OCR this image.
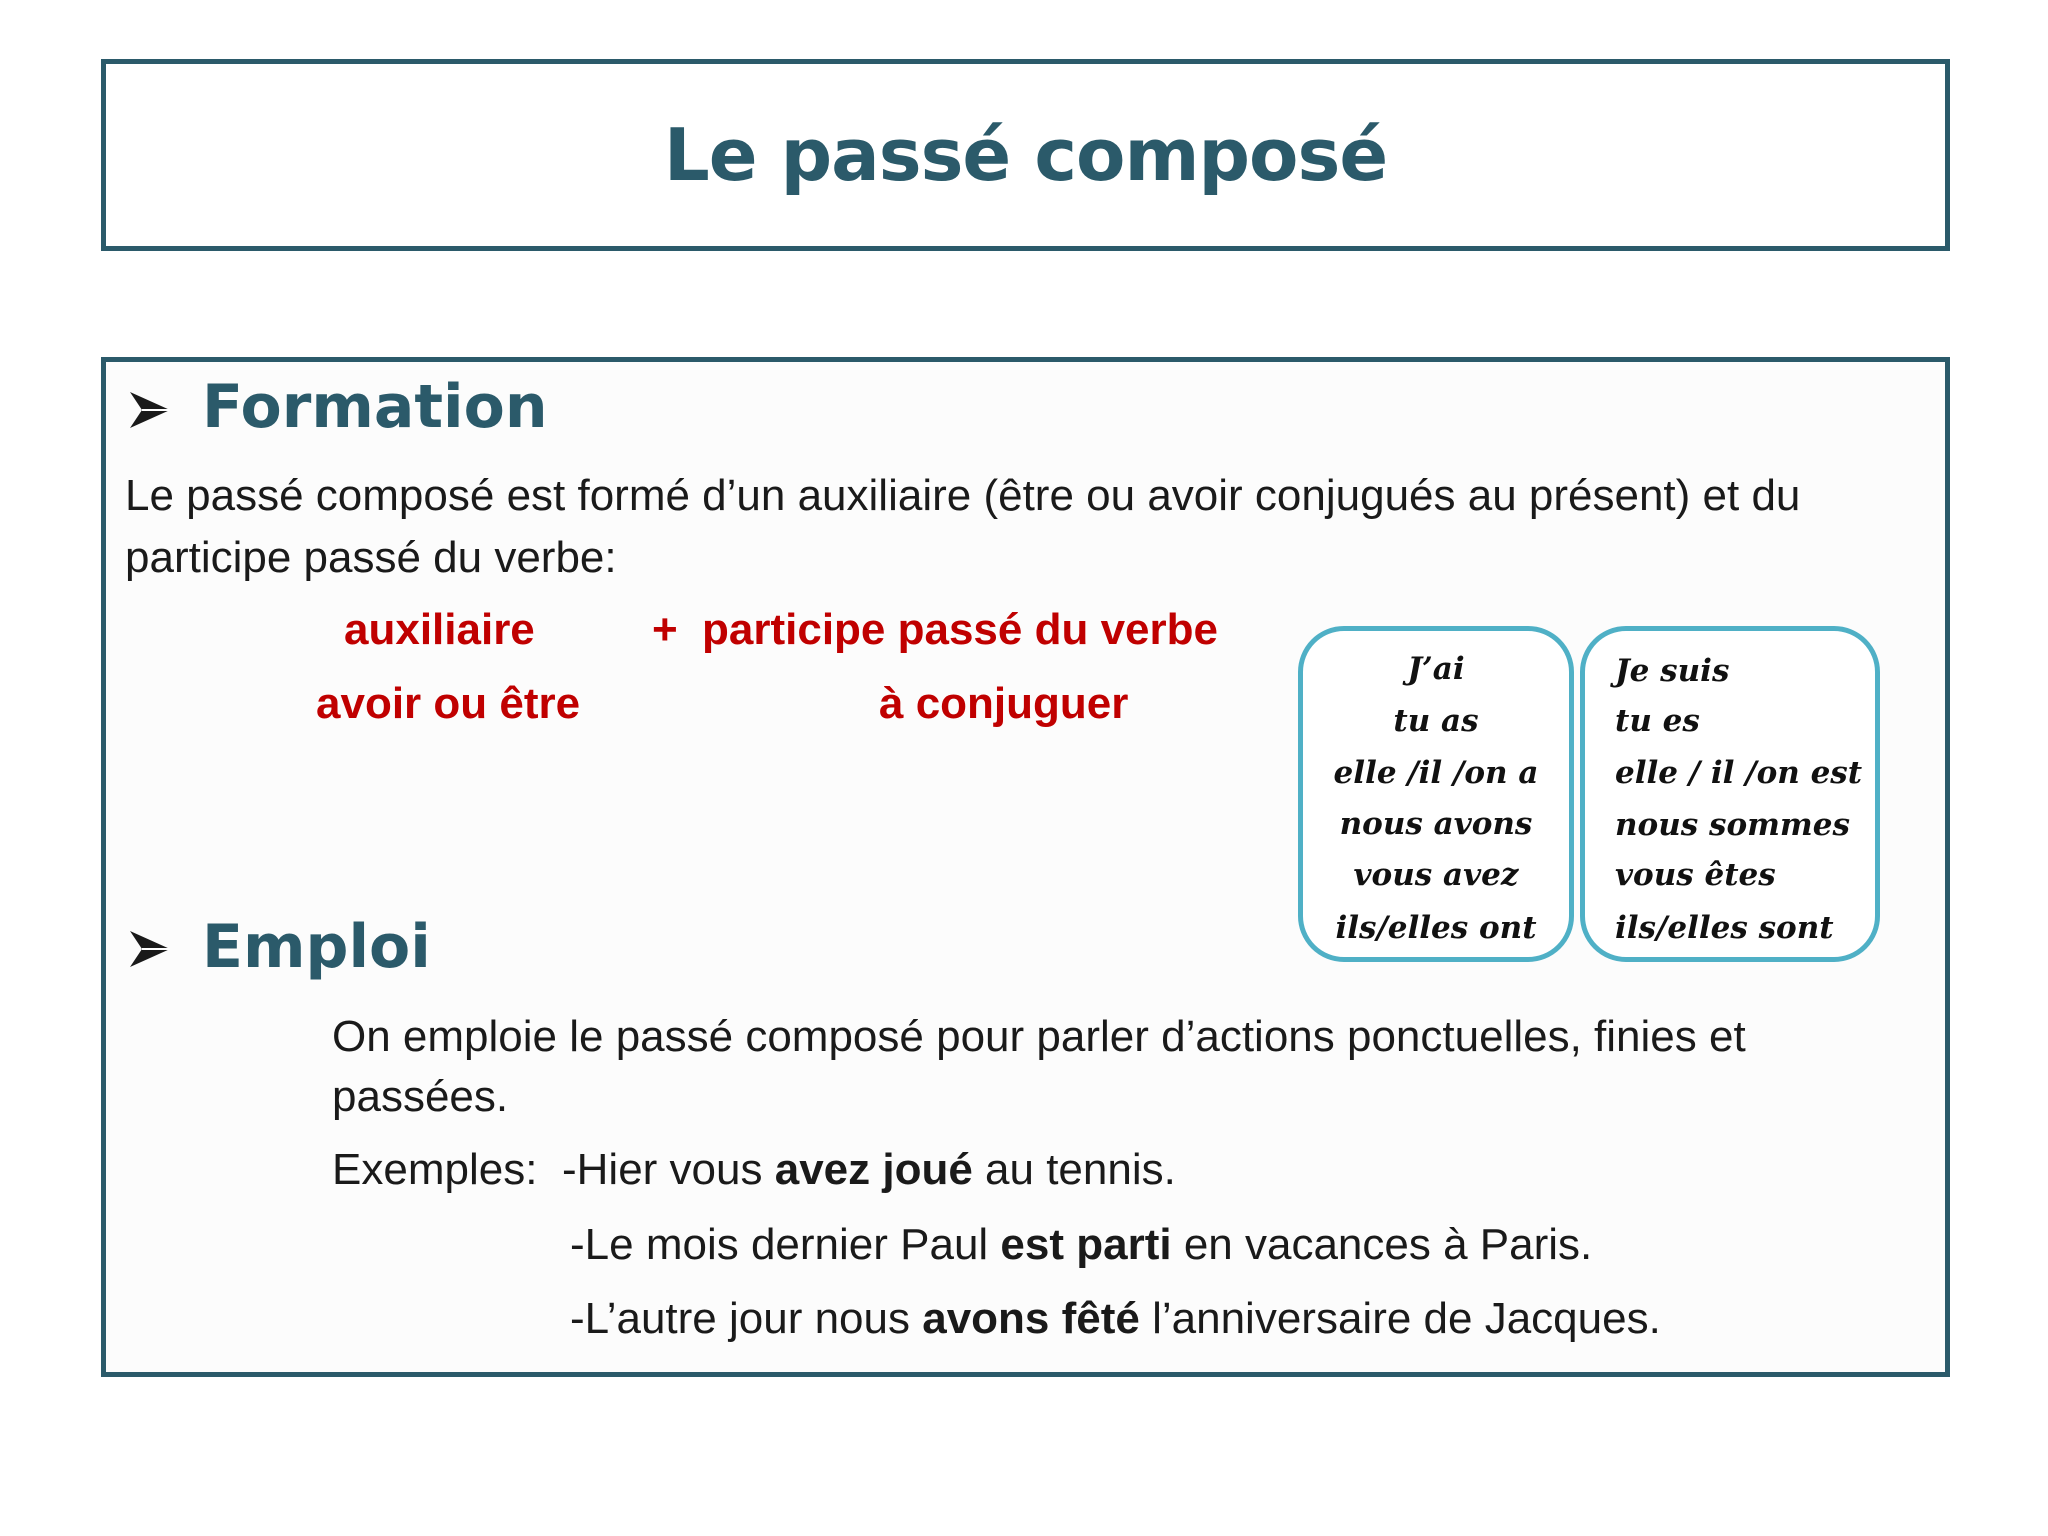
Le passé composé
Formation
Le passé composé est formé d’un auxiliaire (être ou avoir conjugués au présent) et du
participe passé du verbe:
auxiliaire	+ participe passé du verbe
avoir ou être	à conjuguer
J’ai
tu as
elle /il /on a
nous avons
vous avez
ils/elles ont
Je suis
tu es
elle / il /on est
nous sommes
vous êtes
ils/elles sont
Emploi
On emploie le passé composé pour parler d’actions ponctuelles, finies et
passées.
Exemples: -Hier vous avez joué au tennis.
-Le mois dernier Paul est parti en vacances à Paris.
-L’autre jour nous avons fêté l’anniversaire de Jacques.
